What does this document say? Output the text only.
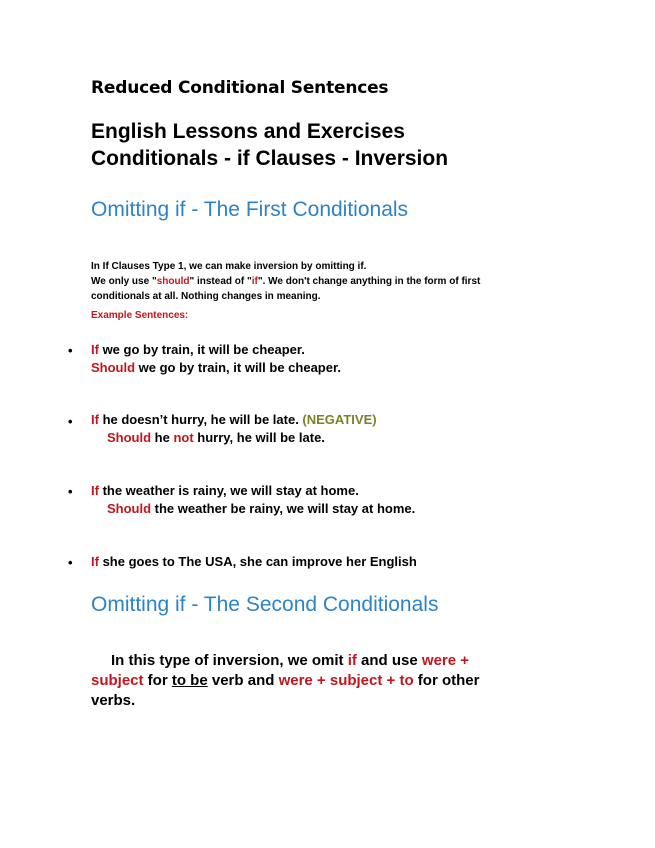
Reduced Conditional Sentences
English Lessons and Exercises
Conditionals - if Clauses - Inversion
Omitting if - The First Conditionals
In If Clauses Type 1, we can make inversion by omitting if.
We only use "should" instead of "if". We don't change anything in the form of first
conditionals at all. Nothing changes in meaning.
Example Sentences:
• If we go by train, it will be cheaper.
Should we go by train, it will be cheaper.
• If he doesn’t hurry, he will be late. (NEGATIVE)
Should he not hurry, he will be late.
• If the weather is rainy, we will stay at home.
Should the weather be rainy, we will stay at home.
• If she goes to The USA, she can improve her English
Omitting if - The Second Conditionals
In this type of inversion, we omit if and use were +
subject for to be verb and were + subject + to for other
verbs.
